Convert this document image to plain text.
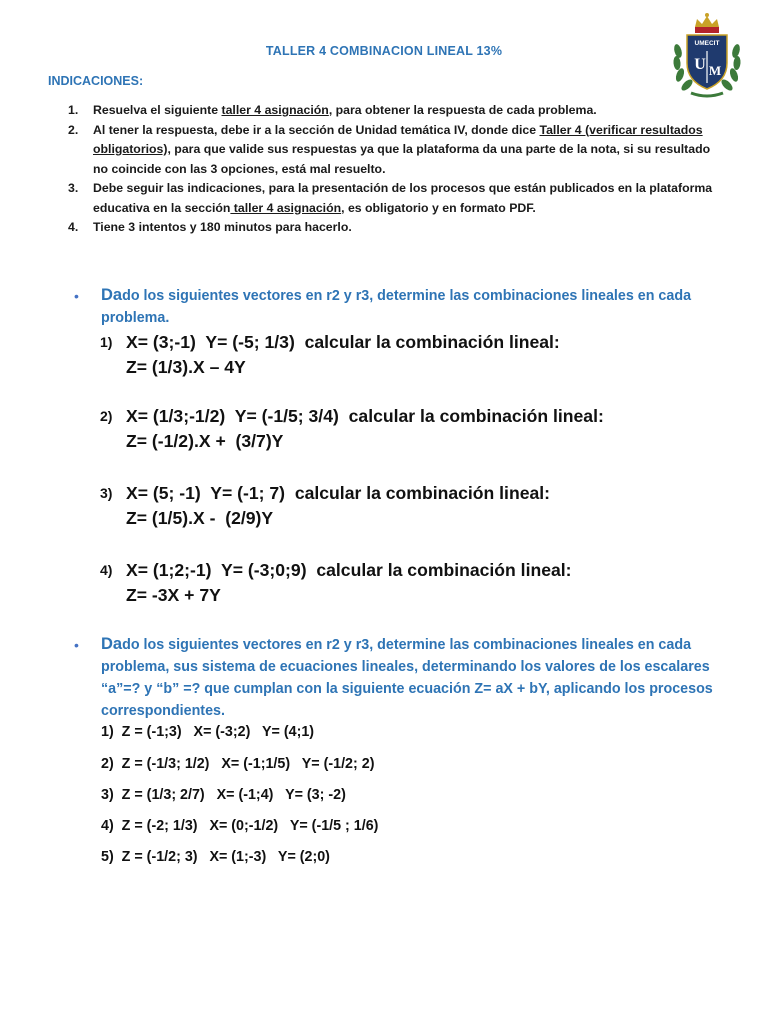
UMECIT
U M
TALLER 4 COMBINACION LINEAL 13%
INDICACIONES:
1. Resuelva el siguiente taller 4 asignación, para obtener la respuesta de cada problema.
2. Al tener la respuesta, debe ir a la sección de Unidad temática IV, donde dice Taller 4 (verificar resultados obligatorios), para que valide sus respuestas ya que la plataforma da una parte de la nota, si su resultado no coincide con las 3 opciones, está mal resuelto.
3. Debe seguir las indicaciones, para la presentación de los procesos que están publicados en la plataforma educativa en la sección taller 4 asignación, es obligatorio y en formato PDF.
4. Tiene 3 intentos y 180 minutos para hacerlo.
• Dado los siguientes vectores en r2 y r3, determine las combinaciones lineales en cada problema.
1) X= (3;-1)  Y= (-5; 1/3)  calcular la combinación lineal:
Z= (1/3).X – 4Y
2) X= (1/3;-1/2)  Y= (-1/5; 3/4)  calcular la combinación lineal:
Z= (-1/2).X +  (3/7)Y
3) X= (5; -1)  Y= (-1; 7)  calcular la combinación lineal:
Z= (1/5).X -  (2/9)Y
4) X= (1;2;-1)  Y= (-3;0;9)  calcular la combinación lineal:
Z= -3X + 7Y
• Dado los siguientes vectores en r2 y r3, determine las combinaciones lineales en cada problema, sus sistema de ecuaciones lineales, determinando los valores de los escalares “a”=? y “b” =? que cumplan con la siguiente ecuación Z= aX + bY, aplicando los procesos correspondientes.
1)  Z = (-1;3)   X= (-3;2)   Y= (4;1)
2)  Z = (-1/3; 1/2)   X= (-1;1/5)   Y= (-1/2; 2)
3)  Z = (1/3; 2/7)   X= (-1;4)   Y= (3; -2)
4)  Z = (-2; 1/3)   X= (0;-1/2)   Y= (-1/5 ; 1/6)
5)  Z = (-1/2; 3)   X= (1;-3)   Y= (2;0)
